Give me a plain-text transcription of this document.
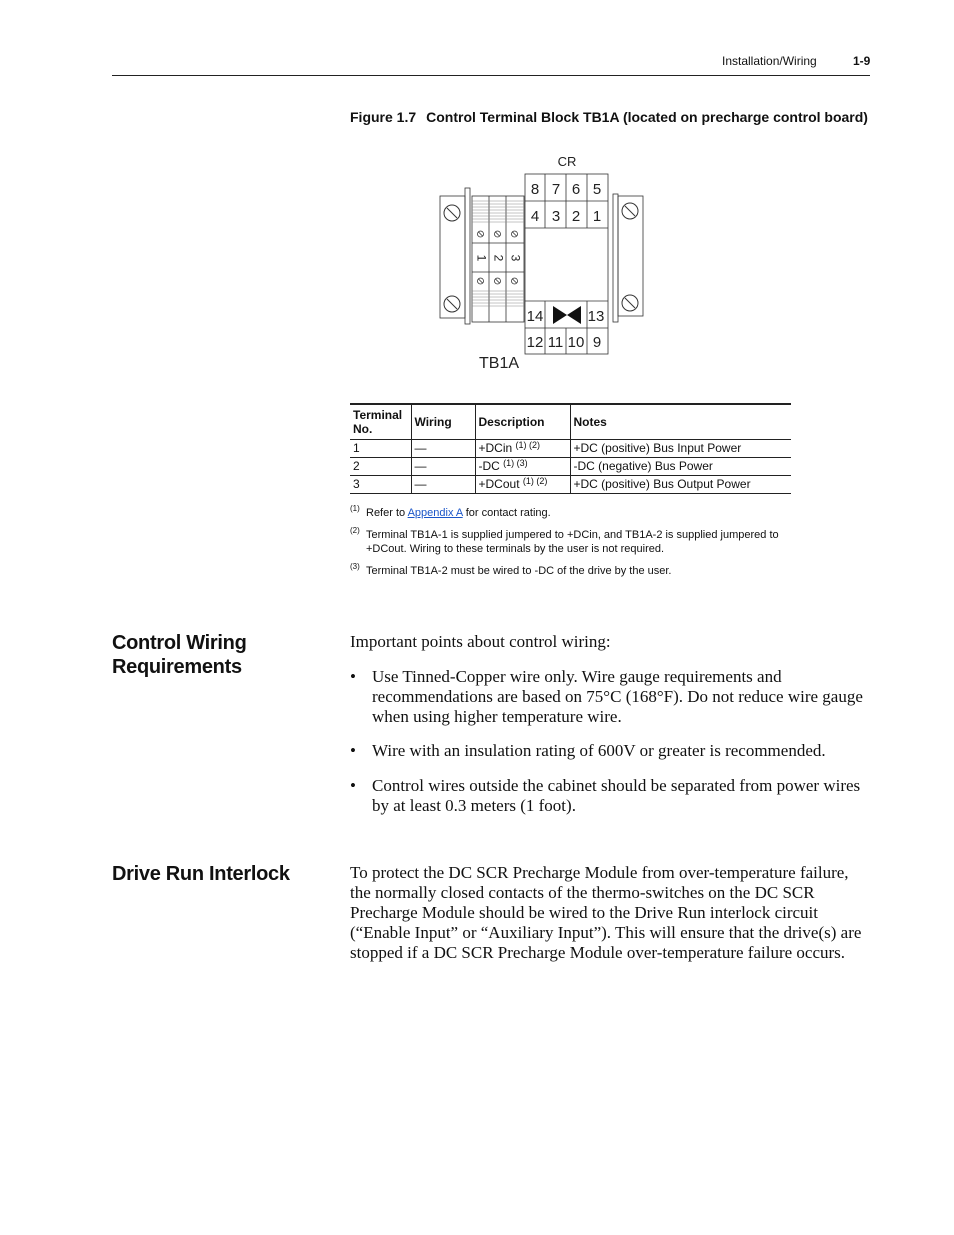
Installation/Wiring	1-9
Figure 1.7 Control Terminal Block TB1A (located on precharge control board)
CR
8 7 6 5
4 3 2 1
14	13
12 11 10 9
1 2 3
TB1A
Terminal No.	Wiring	Description	Notes
1	—	+DCin $^{(1) (2)}$	+DC (positive) Bus Input Power
2	—	-DC $^{(1) (3)}$	-DC (negative) Bus Power
3	—	+DCout $^{(1) (2)}$	+DC (positive) Bus Output Power
(1) Refer to Appendix A for contact rating.
(2) Terminal TB1A-1 is supplied jumpered to +DCin, and TB1A-2 is supplied jumpered to +DCout. Wiring to these terminals by the user is not required.
(3) Terminal TB1A-2 must be wired to -DC of the drive by the user.
Control Wiring Requirements
Important points about control wiring:
• Use Tinned-Copper wire only. Wire gauge requirements and recommendations are based on 75°C (168°F). Do not reduce wire gauge when using higher temperature wire.
• Wire with an insulation rating of 600V or greater is recommended.
• Control wires outside the cabinet should be separated from power wires by at least 0.3 meters (1 foot).
Drive Run Interlock	To protect the DC SCR Precharge Module from over-temperature failure, the normally closed contacts of the thermo-switches on the DC SCR Precharge Module should be wired to the Drive Run interlock circuit (“Enable Input” or “Auxiliary Input”). This will ensure that the drive(s) are stopped if a DC SCR Precharge Module over-temperature failure occurs.
